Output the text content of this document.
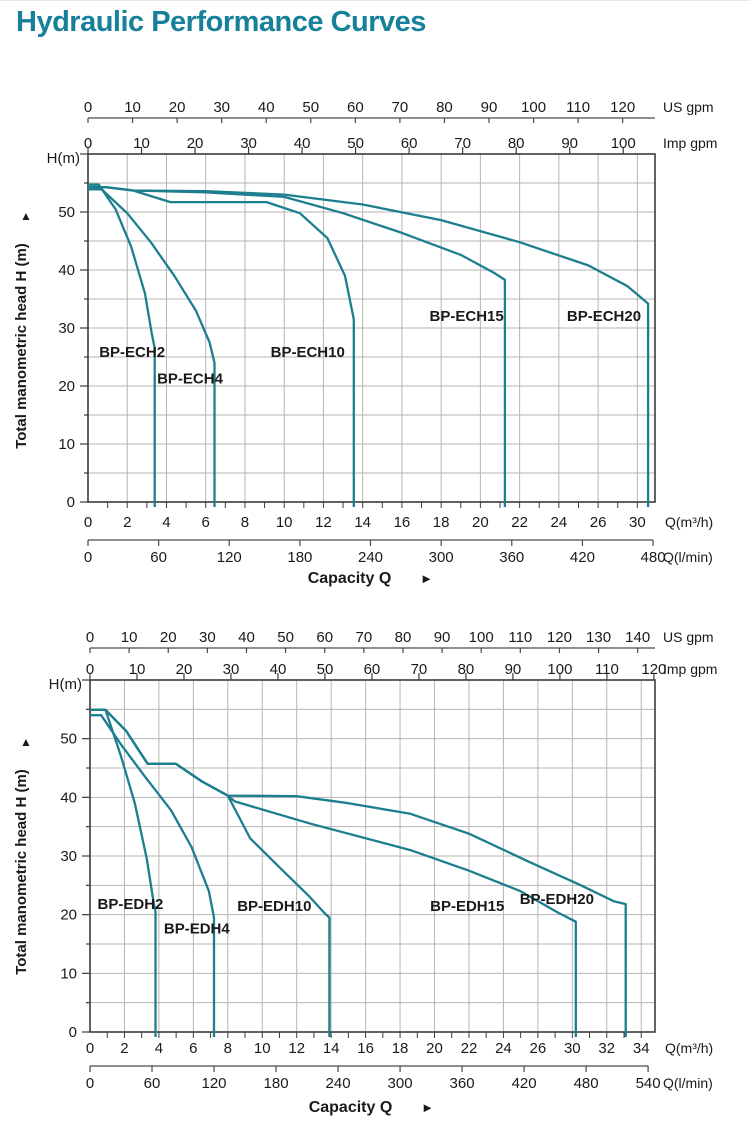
Hydraulic Performance Curves
0
10
20
30
40
50
0 2 4 6 8 10 12 14 16 18 20 22 24 26 30 Q(m³/h)
0	60	120	180	240	300	360	420	480
Q(l/min)
0 10 20 30 40 50 60 70 80 90 100 110 120 US gpm
0	10 20 30 40 50 60 70 80 90 100 Imp gpm
BP-ECH2
BP-ECH4
BP-ECH10
BP-ECH15	BP-ECH20
H(m)
Total manometric head H (m)
▲
Capacity Q ►
0
10
20
30
40
50
0 2 4 6 8 10 12 14 16 18 20 22 24 26 30 32 34 Q(m³/h)
0	60	120 180 240 300 360 420 480 540 Q(l/min)
0 10 20 30 40 50 60 70 80 90 100 110 120 130 140 US gpm
0 10 20 30 40 50 60 70 80 90 100 110 120
Imp gpm
BP-EDH2
BP-EDH4
BP-EDH10	BP-EDH15 BP-EDH20
H(m)
Total manometric head H (m)
▲
Capacity Q ►
